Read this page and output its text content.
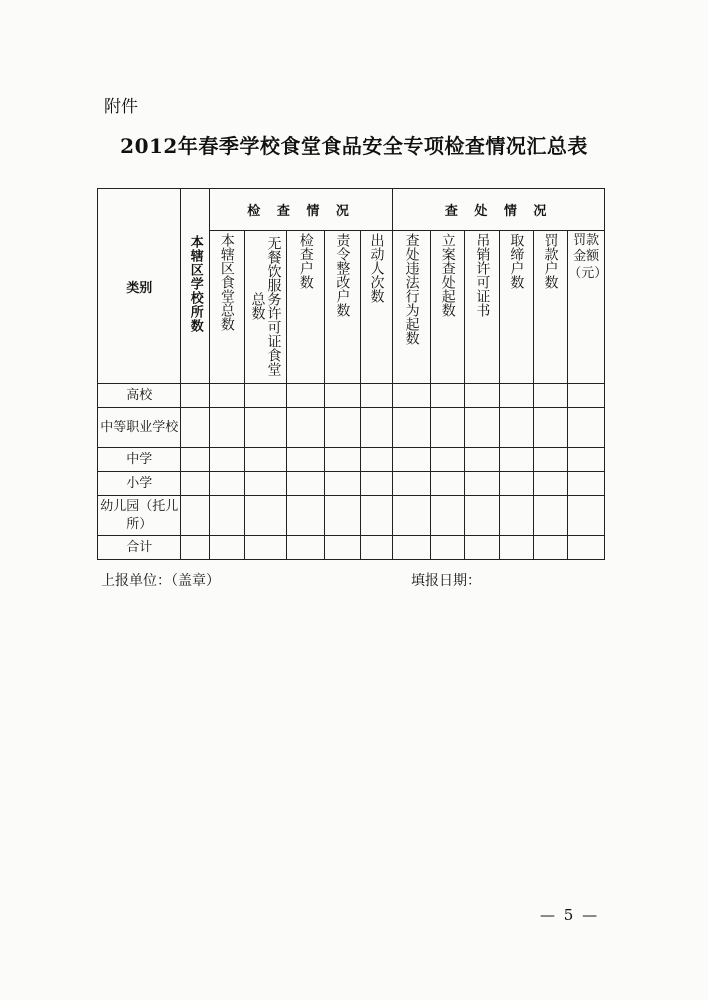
附件
2012年春季学校食堂食品安全专项检查情况汇总表
类别	本辖区学校所数	检 查 情 况					查 处 情 况					
		本辖区食堂总数	无餐饮服务许可证食堂总数	检查户数	责令整改户数	出动人次数	查处违法行为起数	立案查处起数	吊销许可证书	取缔户数	罚款户数	罚款金额（元）
高校												
中等职业学校												
中学												
小学												
幼儿园（托儿所）												
合计												
上报单位：（盖章）	填报日期：
— 5 —
